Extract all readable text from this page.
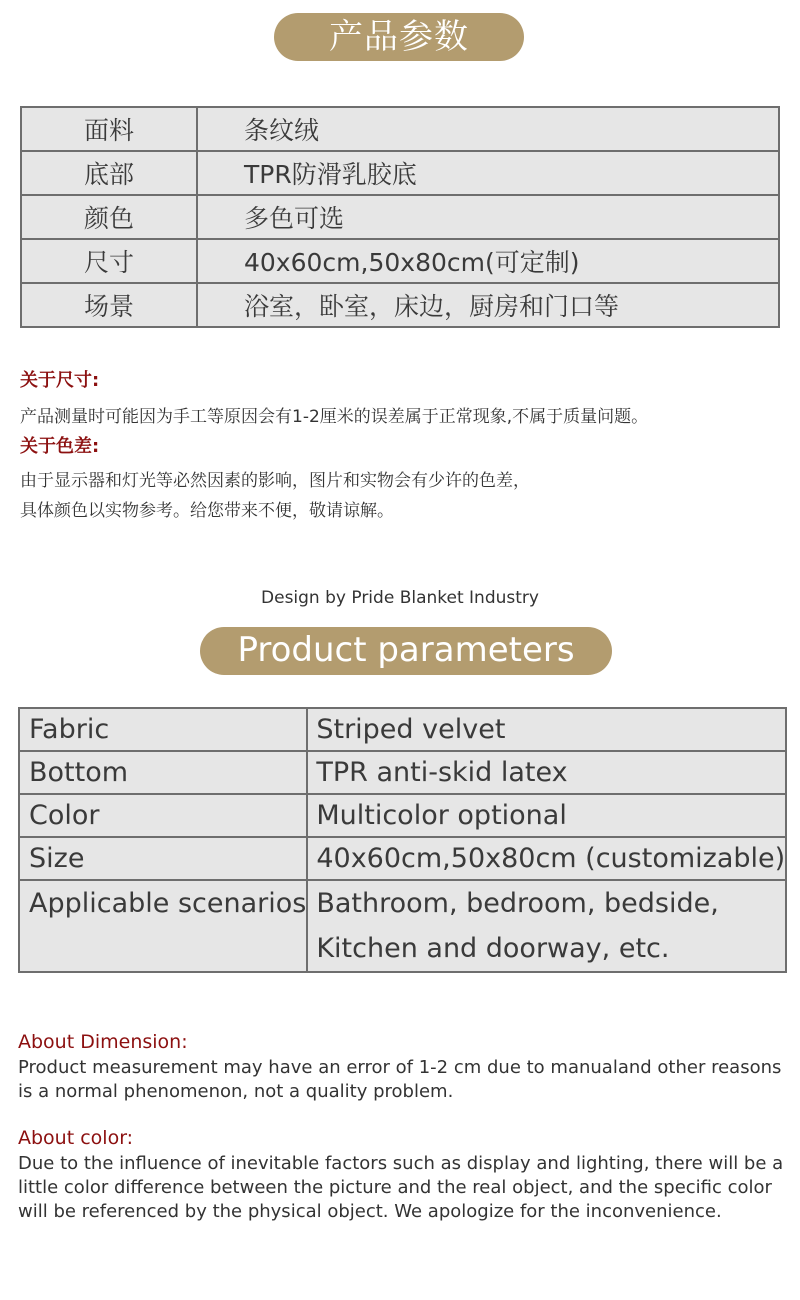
产品参数
面料	条纹绒
底部	TPR防滑乳胶底
颜色	多色可选
尺寸	40x60cm,50x80cm(可定制)
场景	浴室，卧室，床边，厨房和门口等
关于尺寸:
产品测量时可能因为手工等原因会有1-2厘米的误差属于正常现象,不属于质量问题。
关于色差:
由于显示器和灯光等必然因素的影响，图片和实物会有少许的色差，
具体颜色以实物参考。给您带来不便，敬请谅解。
Design by Pride Blanket Industry
Product parameters
Fabric	Striped velvet
Bottom	TPR anti-skid latex
Color	Multicolor optional
Size	40x60cm,50x80cm (customizable)
Applicable scenarios	Bathroom, bedroom, bedside,
Kitchen and doorway, etc.
About Dimension:
Product measurement may have an error of 1-2 cm due to manualand other reasons is a normal phenomenon, not a quality problem.
About color:
Due to the influence of inevitable factors such as display and lighting, there will be a little color difference between the picture and the real object, and the specific color will be referenced by the physical object. We apologize for the inconvenience.
